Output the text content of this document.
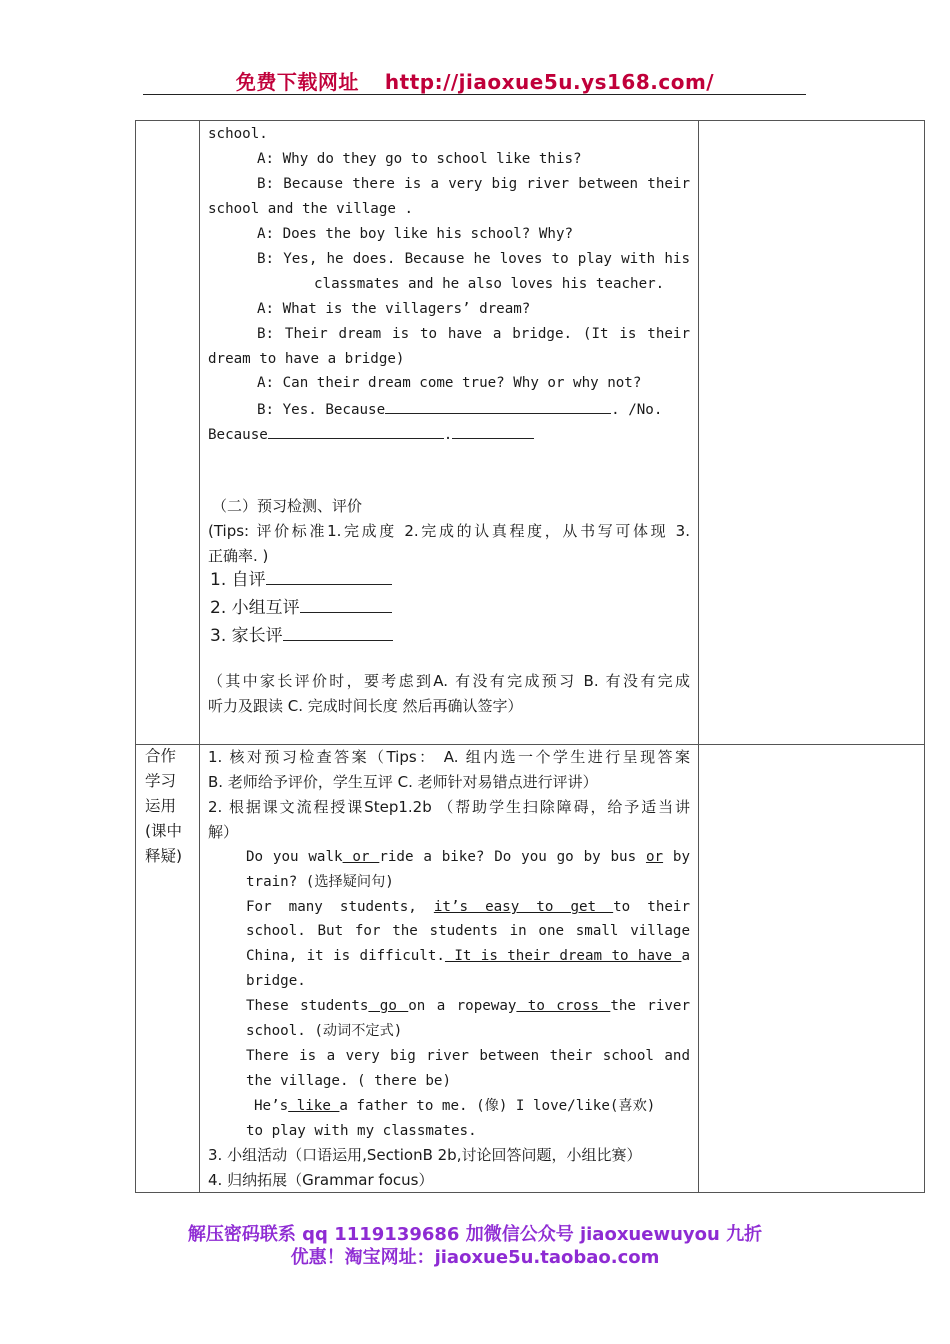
免费下载网址 http://jiaoxue5u.ys168.com/
school.
A: Why do they go to school like this?
B: Because there is a very big river between their
school and the village .
A: Does the boy like his school? Why?
B: Yes, he does. Because he loves to play with his
classmates and he also loves his teacher.
A: What is the villagers’ dream?
B: Their dream is to have a bridge. (It is their
dream to have a bridge)
A: Can their dream come true? Why or why not?
B: Yes. Because	. /No.
Because	.
（二）预习检测、评价
(Tips: 评价标准1.完成度 2.完成的认真程度，从书写可体现 3.
正确率. )
1. 自评
2. 小组互评
3. 家长评
（其中家长评价时，要考虑到A. 有没有完成预习 B. 有没有完成
听力及跟读 C. 完成时间长度 然后再确认签字）
合作
学习
运用
(课中
释疑)
1. 核对预习检查答案（Tips： A. 组内选一个学生进行呈现答案
B. 老师给予评价，学生互评 C. 老师针对易错点进行评讲）
2. 根据课文流程授课Step1.2b （帮助学生扫除障碍，给予适当讲
解）
Do you walk or ride a bike? Do you go by bus or by
train? (选择疑问句)
For many students, it’s easy to get to their
school. But for the students in one small village
China, it is difficult. It is their dream to have a
bridge.
These students go on a ropeway to cross the river
school. (动词不定式)
There is a very big river between their school and
the village. ( there be)
He’s like a father to me. (像) I love/like(喜欢)
to play with my classmates.
3. 小组活动（口语运用,SectionB 2b,讨论回答问题，小组比赛）
4. 归纳拓展（Grammar focus）
解压密码联系 qq 1119139686 加微信公众号 jiaoxuewuyou 九折
优惠！淘宝网址：jiaoxue5u.taobao.com
